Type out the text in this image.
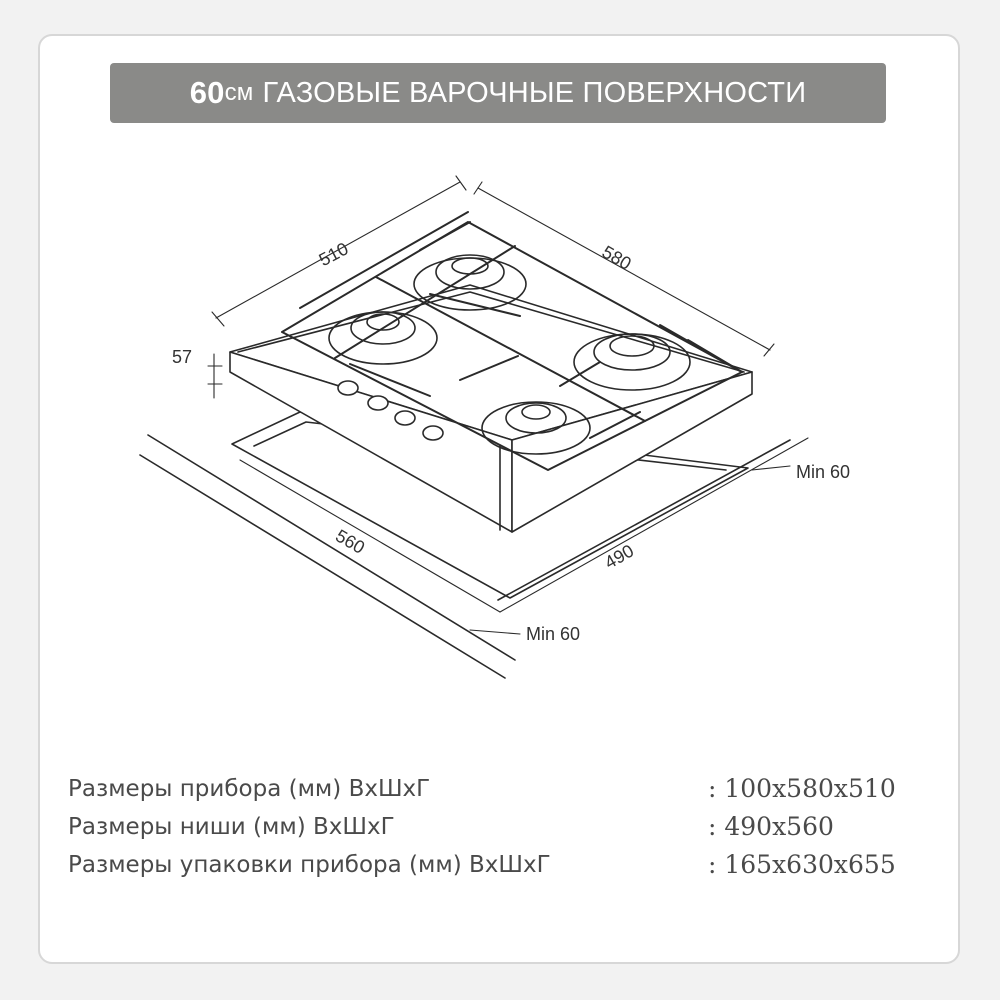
60 см ГАЗОВЫЕ ВАРОЧНЫЕ ПОВЕРХНОСТИ
510	580
57
560	490
Min 60
Min 60
Размеры прибора (мм) ВхШхГ	: 100x580x510
Размеры ниши (мм) ВхШхГ	: 490x560
Размеры упаковки прибора (мм) ВхШхГ	: 165x630x655
